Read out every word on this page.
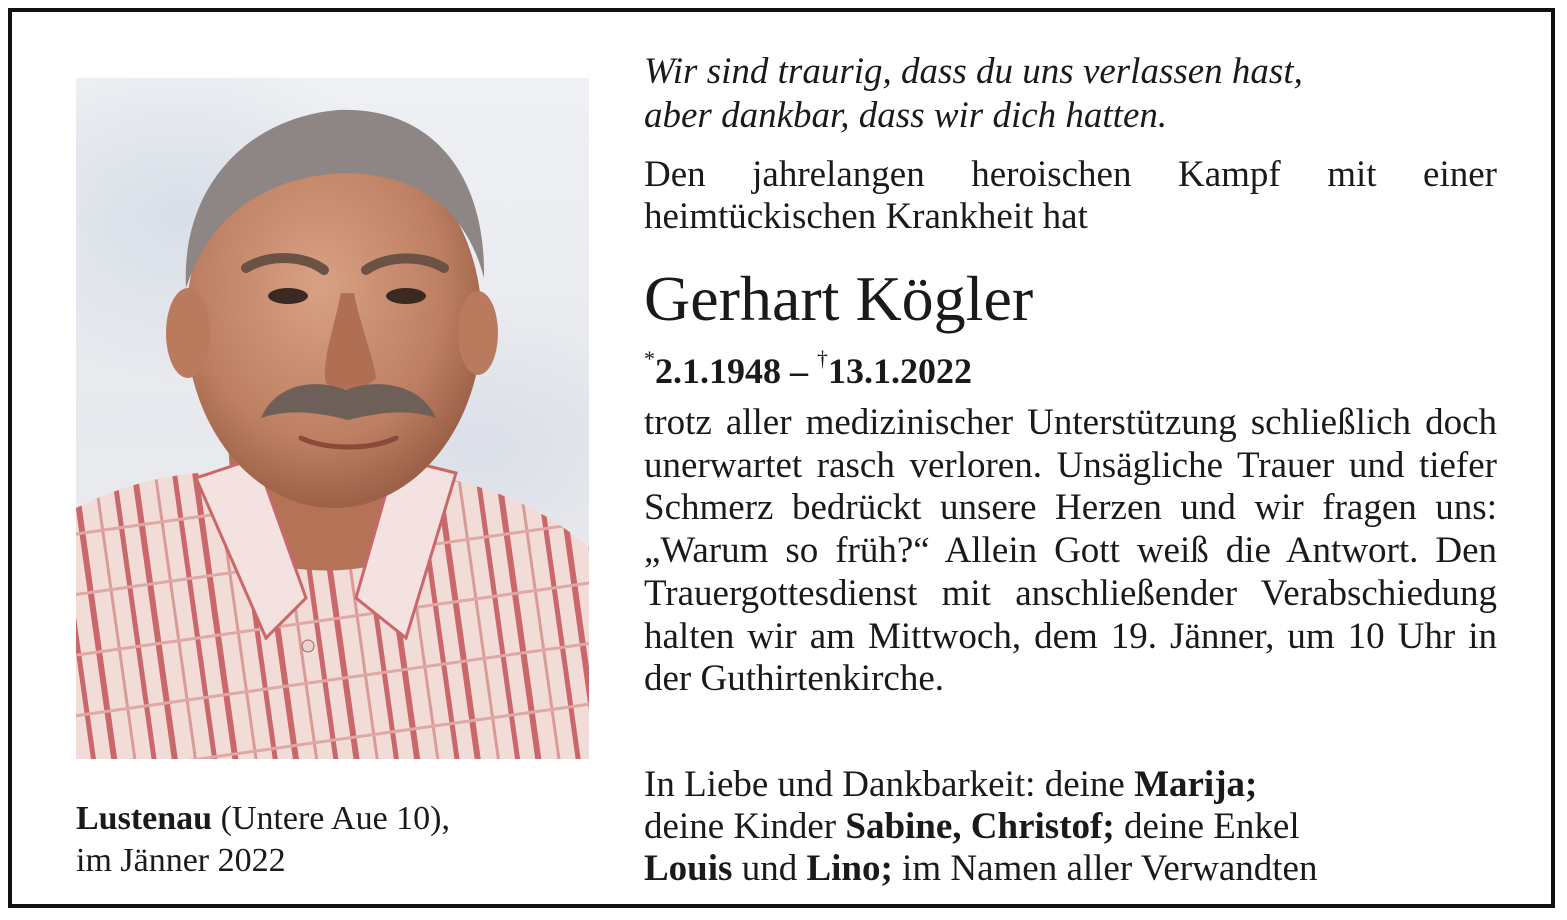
Lustenau (Untere Aue 10),
im Jänner 2022
Wir sind traurig, dass du uns verlassen hast,
aber dankbar, dass wir dich hatten.
Den jahrelangen heroischen Kampf mit einer heimtückischen Krankheit hat
Gerhart Kögler
*2.1.1948 – †13.1.2022
trotz aller medizinischer Unterstützung schließlich doch unerwartet rasch verloren. Unsägliche Trauer und tiefer Schmerz bedrückt unsere Herzen und wir fragen uns: „Warum so früh?“ Allein Gott weiß die Antwort. Den Trauergottesdienst mit anschließender Verabschiedung halten wir am Mittwoch, dem 19. Jänner, um 10 Uhr in der Guthirtenkirche.
In Liebe und Dankbarkeit: deine Marija;
deine Kinder Sabine, Christof; deine Enkel
Louis und Lino; im Namen aller Verwandten
